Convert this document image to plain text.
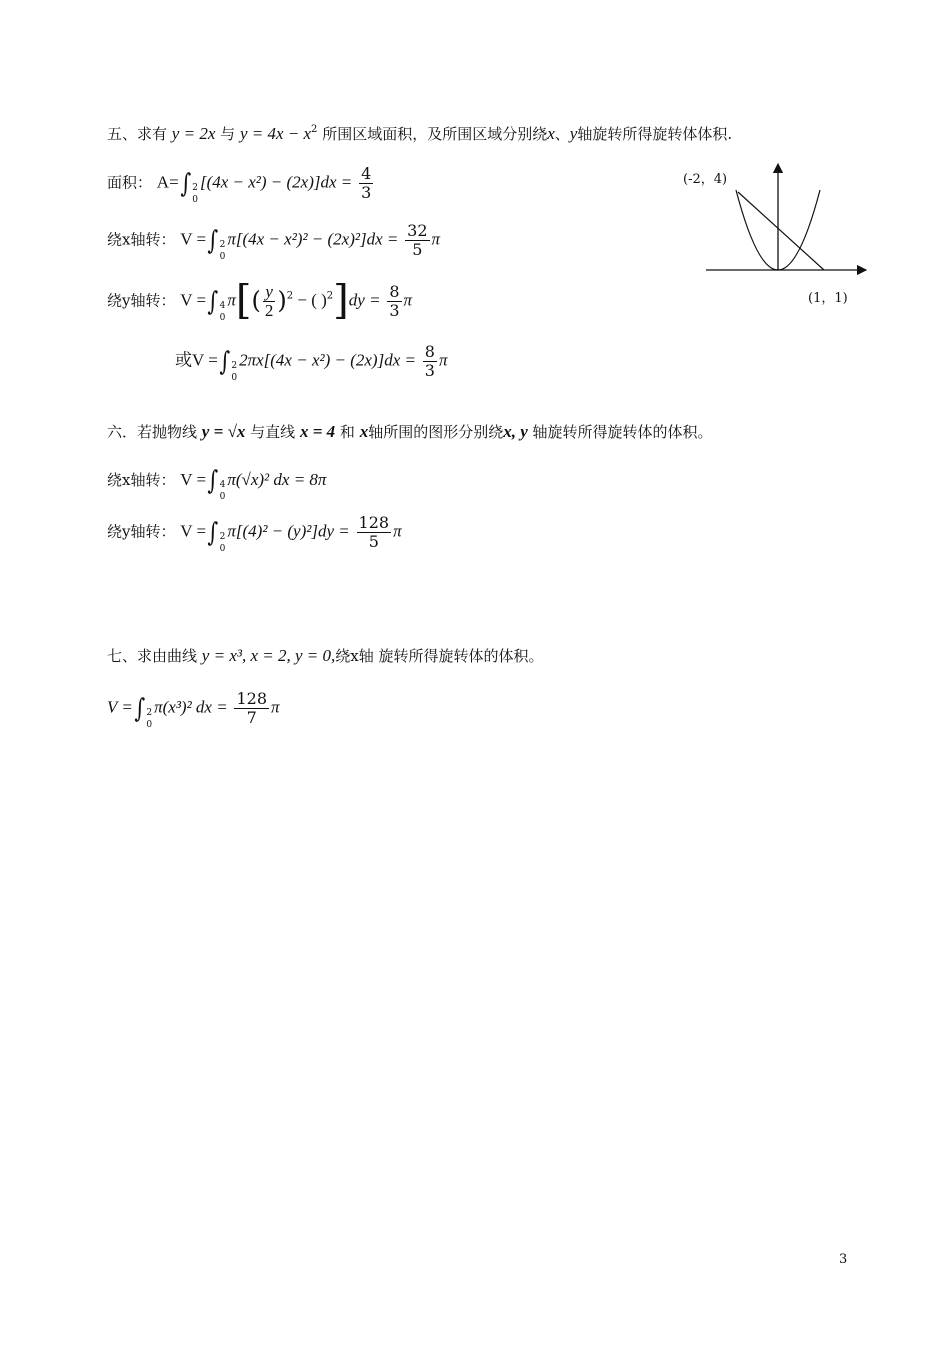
五、求有 y = 2x 与 $y = 4x - x^2$ 所围区域面积，及所围区域分别绕x、y轴旋转所得旋转体体积.
面积： A=∫ 2
0
$[(4x - x^2) - (2x)]dx = \frac{4}{3}$
绕x轴转： V =∫ 2
0
$\pi[(4x - x^2)^2 - (2x)^2]dx = \frac{32}{5}$ π
绕y轴转： V =∫ 4
0
$\pi[( \frac{y}{2} )^2$ − ( )$^2]dy = \frac{8}{3}$ π
或V =∫ 2
0
$2\pi x[(4x - x^2) - (2x)]dx = \frac{8}{3}$ π
(-2，4)
(1，1)
六．若抛物线 y = √x 与直线 x = 4 和 x轴所围的图形分别绕x, y 轴旋转所得旋转体的体积。
绕x轴转： V =∫ 4
0
π(√x)² dx = 8π
绕y轴转： V =∫ 2
0
$\pi[(4)^2 - (y)^2]dy = \frac{128}{5}$ π
七、求由曲线 y = x³, x = 2, y = 0,绕x轴 旋转所得旋转体的体积。
V =∫ 2
0
π(x³)² dx = $\frac{128}{7}$ π
3
